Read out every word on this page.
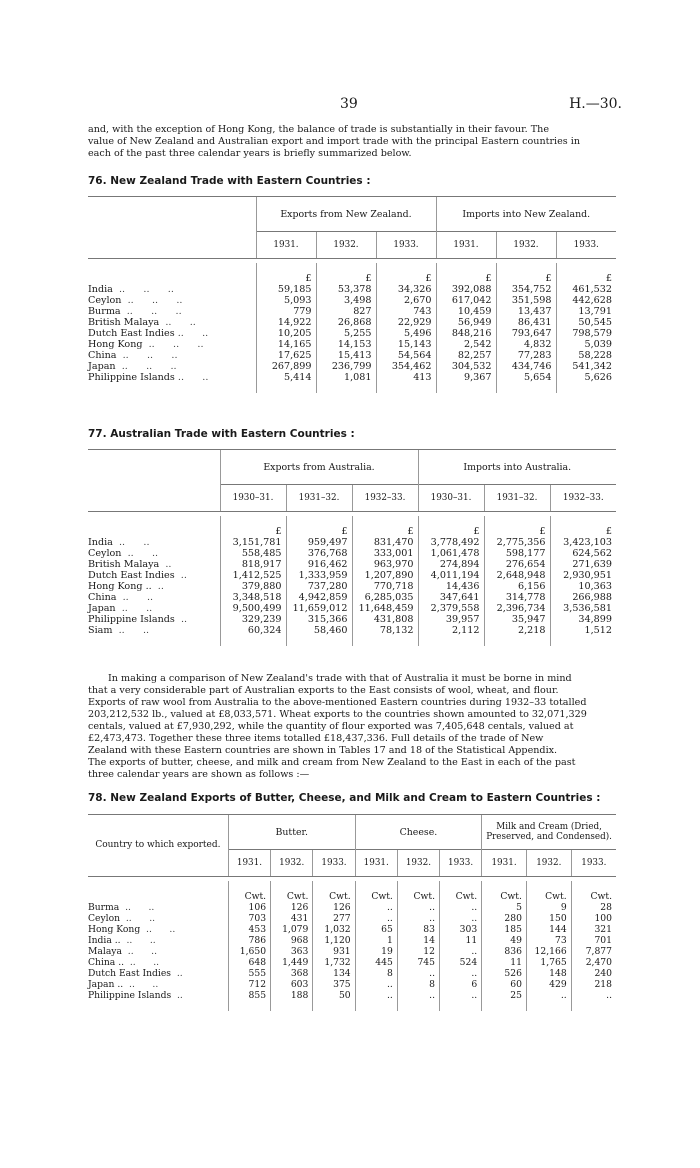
39	H.—30.

and, with the exception of Hong Kong, the balance of trade is substantially in their favour. The
value of New Zealand and Australian export and import trade with the principal Eastern countries in
each of the past three calendar years is briefly summarized below.

76. New Zealand Trade with Eastern Countries :

	Exports from New Zealand.			Imports into New Zealand.		
	1931.	1932.	1933.	1931.	1932.	1933.

	£	£	£	£	£	£
India  ..      ..      ..	59,185	53,378	34,326	392,088	354,752	461,532
Ceylon  ..      ..      ..	5,093	3,498	2,670	617,042	351,598	442,628
Burma  ..      ..      ..	779	827	743	10,459	13,437	13,791
British Malaya  ..      ..	14,922	26,868	22,929	56,949	86,431	50,545
Dutch East Indies ..      ..	10,205	5,255	5,496	848,216	793,647	798,579
Hong Kong  ..      ..      ..	14,165	14,153	15,143	2,542	4,832	5,039
China  ..      ..      ..	17,625	15,413	54,564	82,257	77,283	58,228
Japan  ..      ..      ..	267,899	236,799	354,462	304,532	434,746	541,342
Philippine Islands ..      ..	5,414	1,081	413	9,367	5,654	5,626

77. Australian Trade with Eastern Countries :

	Exports from Australia.			Imports into Australia.		
	1930–31.	1931–32.	1932–33.	1930–31.	1931–32.	1932–33.

	£	£	£	£	£	£
India  ..      ..	3,151,781	959,497	831,470	3,778,492	2,775,356	3,423,103
Ceylon  ..      ..	558,485	376,768	333,001	1,061,478	598,177	624,562
British Malaya  ..	818,917	916,462	963,970	274,894	276,654	271,639
Dutch East Indies  ..	1,412,525	1,333,959	1,207,890	4,011,194	2,648,948	2,930,951
Hong Kong ..  ..	379,880	737,280	770,718	14,436	6,156	10,363
China  ..      ..	3,348,518	4,942,859	6,285,035	347,641	314,778	266,988
Japan  ..      ..	9,500,499	11,659,012	11,648,459	2,379,558	2,396,734	3,536,581
Philippine Islands  ..	329,239	315,366	431,808	39,957	35,947	34,899
Siam  ..      ..	60,324	58,460	78,132	2,112	2,218	1,512

In making a comparison of New Zealand's trade with that of Australia it must be borne in mind
that a very considerable part of Australian exports to the East consists of wool, wheat, and flour.
Exports of raw wool from Australia to the above-mentioned Eastern countries during 1932–33 totalled
203,212,532 lb., valued at £8,033,571. Wheat exports to the countries shown amounted to 32,071,329
centals, valued at £7,930,292, while the quantity of flour exported was 7,405,648 centals, valued at
£2,473,473. Together these three items totalled £18,437,336. Full details of the trade of New
Zealand with these Eastern countries are shown in Tables 17 and 18 of the Statistical Appendix.
The exports of butter, cheese, and milk and cream from New Zealand to the East in each of the past
three calendar years are shown as follows :—

78. New Zealand Exports of Butter, Cheese, and Milk and Cream to Eastern Countries :

Country to which exported.	Butter.			Cheese.			Milk and Cream (Dried,
Preserved, and Condensed).		

	1931.	1932.	1933.	1931.	1932.	1933.	1931.	1932.	1933.

	Cwt.	Cwt.	Cwt.	Cwt.	Cwt.	Cwt.	Cwt.	Cwt.	Cwt.
Burma  ..      ..	106	126	126	..	..	..	5	9	28
Ceylon  ..      ..	703	431	277	..	..	..	280	150	100
Hong Kong  ..      ..	453	1,079	1,032	65	83	303	185	144	321
India ..  ..      ..	786	968	1,120	1	14	11	49	73	701
Malaya  ..      ..	1,650	363	931	19	12	..	836	12,166	7,877
China ..  ..      ..	648	1,449	1,732	445	745	524	11	1,765	2,470
Dutch East Indies  ..	555	368	134	8	..	..	526	148	240
Japan ..  ..      ..	712	603	375	..	8	6	60	429	218
Philippine Islands  ..	855	188	50	..	..	..	25	..	..
